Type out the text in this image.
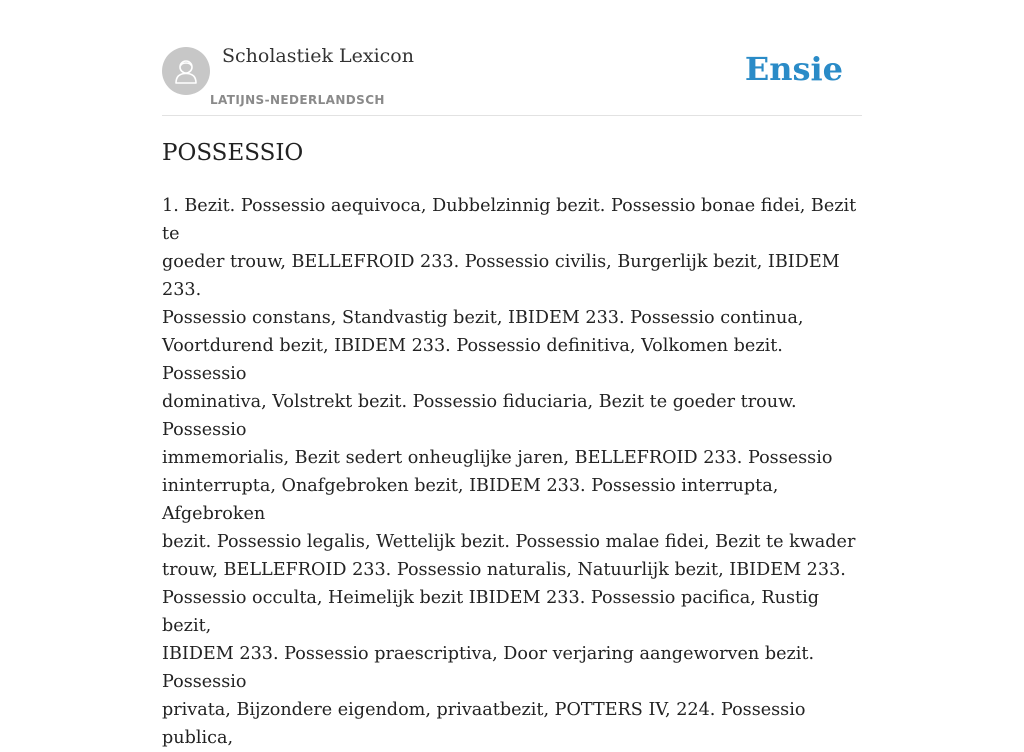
Scholastiek Lexicon
LATIJNS-NEDERLANDSCH
Ensie
POSSESSIO

1. Bezit. Possessio aequivoca, Dubbelzinnig bezit. Possessio bonae fidei, Bezit te
goeder trouw, BELLEFROID 233. Possessio civilis, Burgerlijk bezit, IBIDEM 233.
Possessio constans, Standvastig bezit, IBIDEM 233. Possessio continua,
Voortdurend bezit, IBIDEM 233. Possessio definitiva, Volkomen bezit. Possessio
dominativa, Volstrekt bezit. Possessio fiduciaria, Bezit te goeder trouw. Possessio
immemorialis, Bezit sedert onheuglijke jaren, BELLEFROID 233. Possessio
ininterrupta, Onafgebroken bezit, IBIDEM 233. Possessio interrupta, Afgebroken
bezit. Possessio legalis, Wettelijk bezit. Possessio malae fidei, Bezit te kwader
trouw, BELLEFROID 233. Possessio naturalis, Natuurlijk bezit, IBIDEM 233.
Possessio occulta, Heimelijk bezit IBIDEM 233. Possessio pacifica, Rustig bezit,
IBIDEM 233. Possessio praescriptiva, Door verjaring aangeworven bezit. Possessio
privata, Bijzondere eigendom, privaatbezit, POTTERS IV, 224. Possessio publica,
